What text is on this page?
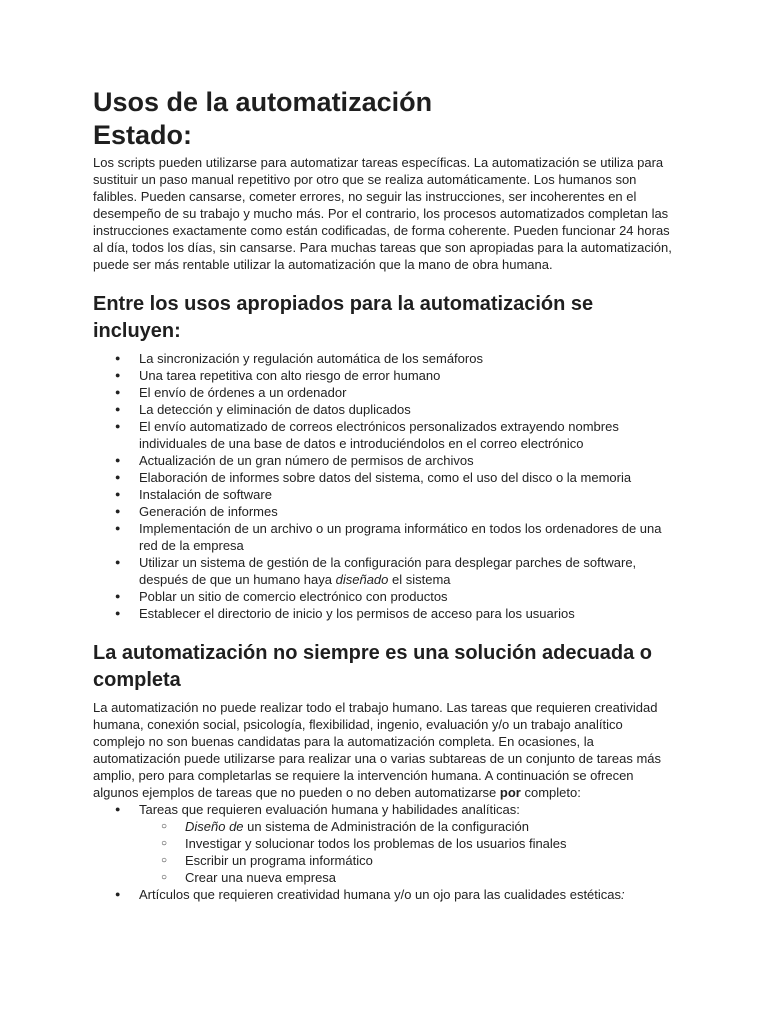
Usos de la automatización
Estado:

Los scripts pueden utilizarse para automatizar tareas específicas. La automatización se utiliza para sustituir un paso manual repetitivo por otro que se realiza automáticamente. Los humanos son falibles. Pueden cansarse, cometer errores, no seguir las instrucciones, ser incoherentes en el desempeño de su trabajo y mucho más. Por el contrario, los procesos automatizados completan las instrucciones exactamente como están codificadas, de forma coherente. Pueden funcionar 24 horas al día, todos los días, sin cansarse. Para muchas tareas que son apropiadas para la automatización, puede ser más rentable utilizar la automatización que la mano de obra humana.

Entre los usos apropiados para la automatización se incluyen:
● La sincronización y regulación automática de los semáforos
● Una tarea repetitiva con alto riesgo de error humano
● El envío de órdenes a un ordenador
● La detección y eliminación de datos duplicados
● El envío automatizado de correos electrónicos personalizados extrayendo nombres individuales de una base de datos e introduciéndolos en el correo electrónico
● Actualización de un gran número de permisos de archivos
● Elaboración de informes sobre datos del sistema, como el uso del disco o la memoria
● Instalación de software
● Generación de informes
● Implementación de un archivo o un programa informático en todos los ordenadores de una red de la empresa
● Utilizar un sistema de gestión de la configuración para desplegar parches de software, después de que un humano haya diseñado el sistema
● Poblar un sitio de comercio electrónico con productos
● Establecer el directorio de inicio y los permisos de acceso para los usuarios
La automatización no siempre es una solución adecuada o completa

La automatización no puede realizar todo el trabajo humano. Las tareas que requieren creatividad humana, conexión social, psicología, flexibilidad, ingenio, evaluación y/o un trabajo analítico complejo no son buenas candidatas para la automatización completa. En ocasiones, la automatización puede utilizarse para realizar una o varias subtareas de un conjunto de tareas más amplio, pero para completarlas se requiere la intervención humana. A continuación se ofrecen algunos ejemplos de tareas que no pueden o no deben automatizarse por completo:

● Tareas que requieren evaluación humana y habilidades analíticas:
○ Diseño de un sistema de Administración de la configuración
○ Investigar y solucionar todos los problemas de los usuarios finales
○ Escribir un programa informático
○ Crear una nueva empresa
● Artículos que requieren creatividad humana y/o un ojo para las cualidades estéticas:
